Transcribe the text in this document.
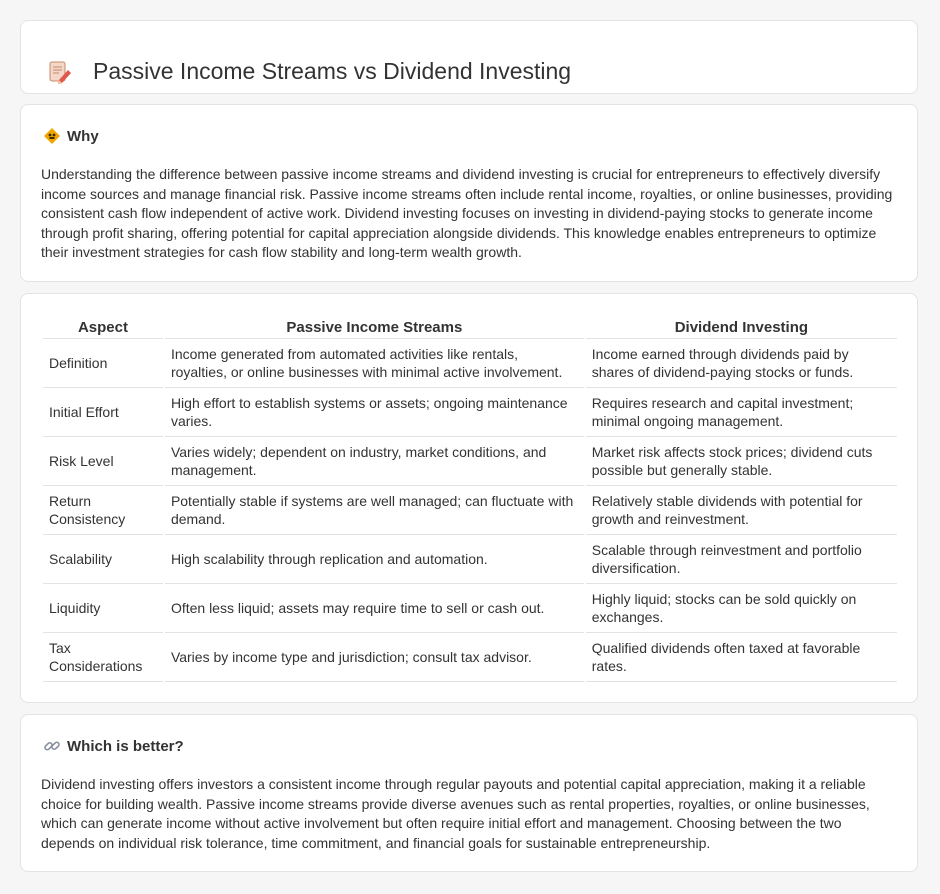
Passive Income Streams vs Dividend Investing
Why

Understanding the difference between passive income streams and dividend investing is crucial for entrepreneurs to effectively diversify income sources and manage financial risk. Passive income streams often include rental income, royalties, or online businesses, providing consistent cash flow independent of active work. Dividend investing focuses on investing in dividend-paying stocks to generate income through profit sharing, offering potential for capital appreciation alongside dividends. This knowledge enables entrepreneurs to optimize their investment strategies for cash flow stability and long-term wealth growth.

Aspect	Passive Income Streams	Dividend Investing
Definition	Income generated from automated activities like rentals, royalties, or online businesses with minimal active involvement.	Income earned through dividends paid by shares of dividend-paying stocks or funds.
Initial Effort	High effort to establish systems or assets; ongoing maintenance varies.	Requires research and capital investment; minimal ongoing management.
Risk Level	Varies widely; dependent on industry, market conditions, and management.	Market risk affects stock prices; dividend cuts possible but generally stable.
Return Consistency	Potentially stable if systems are well managed; can fluctuate with demand.	Relatively stable dividends with potential for growth and reinvestment.
Scalability	High scalability through replication and automation.	Scalable through reinvestment and portfolio diversification.
Liquidity	Often less liquid; assets may require time to sell or cash out.	Highly liquid; stocks can be sold quickly on exchanges.
Tax Considerations	Varies by income type and jurisdiction; consult tax advisor.	Qualified dividends often taxed at favorable rates.
Which is better?

Dividend investing offers investors a consistent income through regular payouts and potential capital appreciation, making it a reliable choice for building wealth. Passive income streams provide diverse avenues such as rental properties, royalties, or online businesses, which can generate income without active involvement but often require initial effort and management. Choosing between the two depends on individual risk tolerance, time commitment, and financial goals for sustainable entrepreneurship.
